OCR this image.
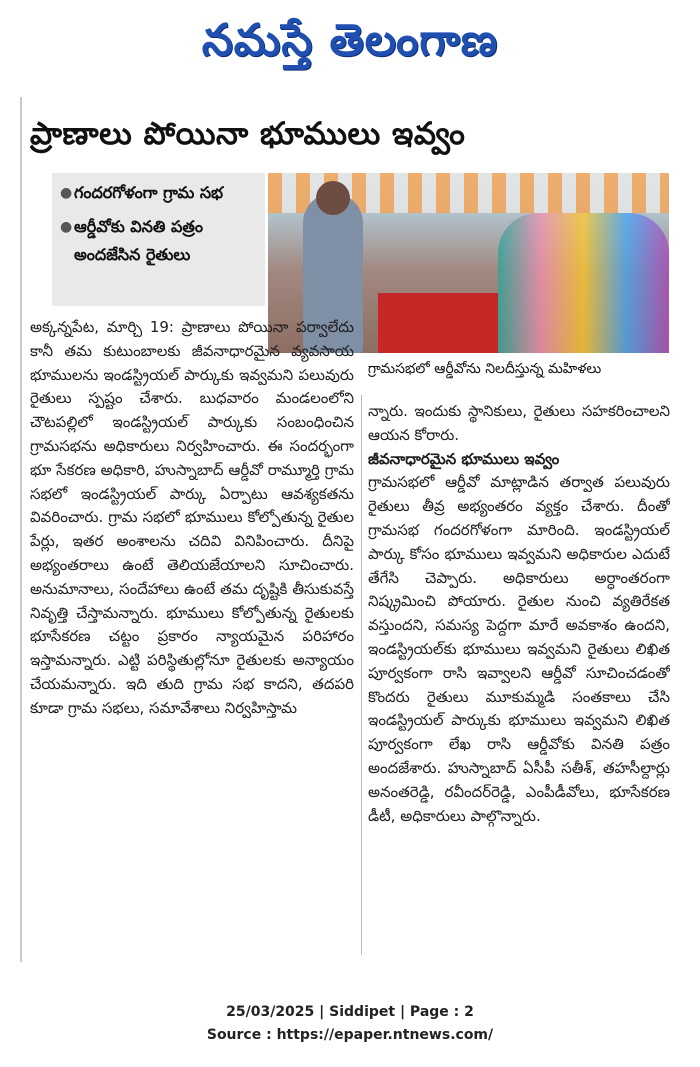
నమస్తే తెలంగాణ
ప్రాణాలు పోయినా భూములు ఇవ్వం
● గందరగోళంగా గ్రామ సభ
● ఆర్డీవోకు వినతి పత్రం అందజేసిన రైతులు
గ్రామసభలో ఆర్డీవోను నిలదీస్తున్న మహిళలు
అక్కన్నపేట, మార్చి 19: ప్రాణాలు పోయినా పర్వాలేదు కానీ తమ కుటుంబాలకు జీవనాధారమైన వ్యవసాయ భూములను ఇండస్ట్రియల్ పార్కుకు ఇవ్వమని పలువురు రైతులు స్పష్టం చేశారు. బుధవారం మండలంలోని చౌటపల్లిలో ఇండస్ట్రియల్ పార్కుకు సంబంధించిన గ్రామసభను అధికారులు నిర్వహించారు. ఈ సందర్భంగా భూ సేకరణ అధికారి, హుస్నాబాద్ ఆర్డీవో రామ్మూర్తి గ్రామ సభలో ఇండస్ట్రియల్ పార్కు ఏర్పాటు ఆవశ్యకతను వివరించారు. గ్రామ సభలో భూములు కోల్పోతున్న రైతుల పేర్లు, ఇతర అంశాలను చదివి వినిపించారు. దీనిపై అభ్యంతరాలు ఉంటే తెలియజేయాలని సూచించారు. అనుమానాలు, సందేహాలు ఉంటే తమ దృష్టికి తీసుకువస్తే నివృత్తి చేస్తామన్నారు. భూములు కోల్పోతున్న రైతులకు భూసేకరణ చట్టం ప్రకారం న్యాయమైన పరిహారం ఇస్తామన్నారు. ఎట్టి పరిస్థితుల్లోనూ రైతులకు అన్యాయం చేయమన్నారు. ఇది తుది గ్రామ సభ కాదని, తదపరి కూడా గ్రామ సభలు, సమావేశాలు నిర్వహిస్తామ
న్నారు. ఇందుకు స్థానికులు, రైతులు సహకరించాలని ఆయన కోరారు.
జీవనాధారమైన భూములు ఇవ్వం
గ్రామసభలో ఆర్డీవో మాట్లాడిన తర్వాత పలువురు రైతులు తీవ్ర అభ్యంతరం వ్యక్తం చేశారు. దీంతో గ్రామసభ గందరగోళంగా మారింది. ఇండస్ట్రియల్ పార్కు కోసం భూములు ఇవ్వమని అధికారుల ఎదుటే తేగేసి చెప్పారు. అధికారులు అర్ధాంతరంగా నిష్క్రమించి పోయారు. రైతుల నుంచి వ్యతిరేకత వస్తుందని, సమస్య పెద్దగా మారే అవకాశం ఉందని, ఇండస్ట్రియల్‌కు భూములు ఇవ్వమని రైతులు లిఖిత పూర్వకంగా రాసి ఇవ్వాలని ఆర్డీవో సూచించడంతో కొందరు రైతులు మూకుమ్మడి సంతకాలు చేసి ఇండస్ట్రియల్ పార్కుకు భూములు ఇవ్వమని లిఖిత పూర్వకంగా లేఖ రాసి ఆర్డీవోకు వినతి పత్రం అందజేశారు. హుస్నాబాద్ ఏసీపీ సతీశ్, తహసీల్దార్లు అనంతరెడ్డి, రవీందర్‌రెడ్డి, ఎంపీడీవోలు, భూసేకరణ డీటీ, అధికారులు పాల్గొన్నారు.
25/03/2025 | Siddipet | Page : 2
Source : https://epaper.ntnews.com/
